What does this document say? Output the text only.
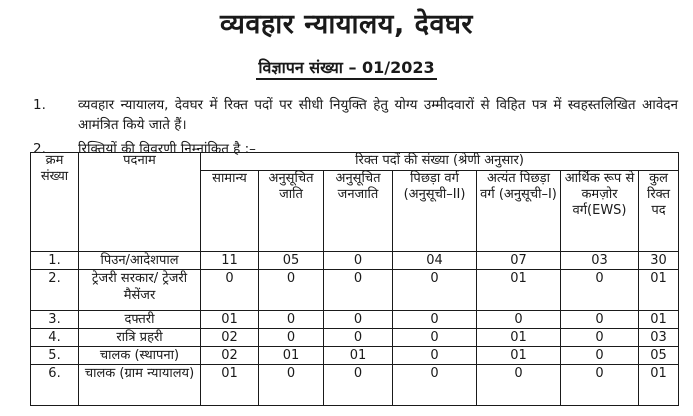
व्यवहार न्यायालय, देवघर
विज्ञापन संख्या – 01/2023
1. व्यवहार न्यायालय, देवघर में रिक्त पदों पर सीधी नियुक्ति हेतु योग्य उम्मीदवारों से विहित पत्र में स्वहस्तलिखित आवेदन आमंत्रित किये जाते हैं।
2. रिक्तियों की विवरणी निम्नांकित है :–
क्रम संख्या	पदनाम	रिक्त पदों की संख्या (श्रेणी अनुसार)						
		सामान्य	अनुसूचित जाति	अनुसूचित जनजाति	पिछड़ा वर्ग (अनुसूची–II)	अत्यंत पिछड़ा वर्ग (अनुसूची–I)	आर्थिक रूप से कमज़ोर वर्ग(EWS)	कुल रिक्त पद
1.	पिउन/आदेशपाल	11	05	0	04	07	03	30
2.	ट्रेजरी सरकार/ ट्रेजरी मैसेंजर	0	0	0	0	01	0	01
3.	दफ्तरी	01	0	0	0	0	0	01
4.	रात्रि प्रहरी	02	0	0	0	01	0	03
5.	चालक (स्थापना)	02	01	01	0	01	0	05
6.	चालक (ग्राम न्यायालय)	01	0	0	0	0	0	01
